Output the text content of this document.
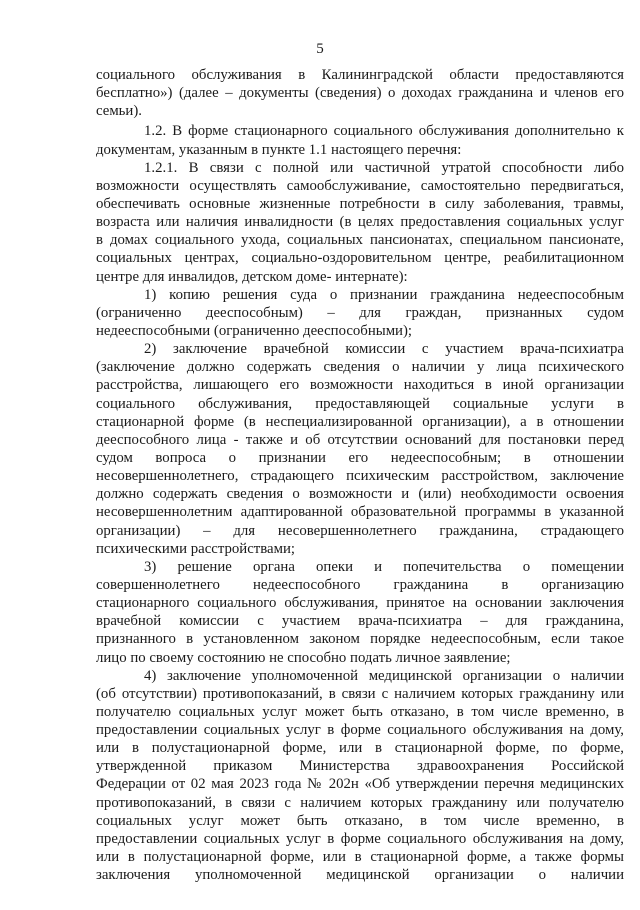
5
социального обслуживания в Калининградской области предоставляются
бесплатно») (далее – документы (сведения) о доходах гражданина и членов его
семьи).
1.2. В форме стационарного социального обслуживания дополнительно к
документам, указанным в пункте 1.1 настоящего перечня:
1.2.1. В связи с полной или частичной утратой способности либо
возможности осуществлять самообслуживание, самостоятельно передвигаться,
обеспечивать основные жизненные потребности в силу заболевания, травмы,
возраста или наличия инвалидности (в целях предоставления социальных услуг
в домах социального ухода, социальных пансионатах, специальном пансионате,
социальных центрах, социально-оздоровительном центре, реабилитационном
центре для инвалидов, детском доме- интернате):
1) копию решения суда о признании гражданина недееспособным
(ограниченно дееспособным) – для граждан, признанных судом
недееспособными (ограниченно дееспособными);
2) заключение врачебной комиссии с участием врача-психиатра
(заключение должно содержать сведения о наличии у лица психического
расстройства, лишающего его возможности находиться в иной организации
социального обслуживания, предоставляющей социальные услуги в
стационарной форме (в неспециализированной организации), а в отношении
дееспособного лица - также и об отсутствии оснований для постановки перед
судом вопроса о признании его недееспособным; в отношении
несовершеннолетнего, страдающего психическим расстройством, заключение
должно содержать сведения о возможности и (или) необходимости освоения
несовершеннолетним адаптированной образовательной программы в указанной
организации) – для несовершеннолетнего гражданина, страдающего
психическими расстройствами;
3) решение органа опеки и попечительства о помещении
совершеннолетнего недееспособного гражданина в организацию
стационарного социального обслуживания, принятое на основании заключения
врачебной комиссии с участием врача-психиатра – для гражданина,
признанного в установленном законом порядке недееспособным, если такое
лицо по своему состоянию не способно подать личное заявление;
4) заключение уполномоченной медицинской организации о наличии
(об отсутствии) противопоказаний, в связи с наличием которых гражданину или
получателю социальных услуг может быть отказано, в том числе временно, в
предоставлении социальных услуг в форме социального обслуживания на дому,
или в полустационарной форме, или в стационарной форме, по форме,
утвержденной приказом Министерства здравоохранения Российской
Федерации от 02 мая 2023 года № 202н «Об утверждении перечня медицинских
противопоказаний, в связи с наличием которых гражданину или получателю
социальных услуг может быть отказано, в том числе временно, в
предоставлении социальных услуг в форме социального обслуживания на дому,
или в полустационарной форме, или в стационарной форме, а также формы
заключения уполномоченной медицинской организации о наличии
